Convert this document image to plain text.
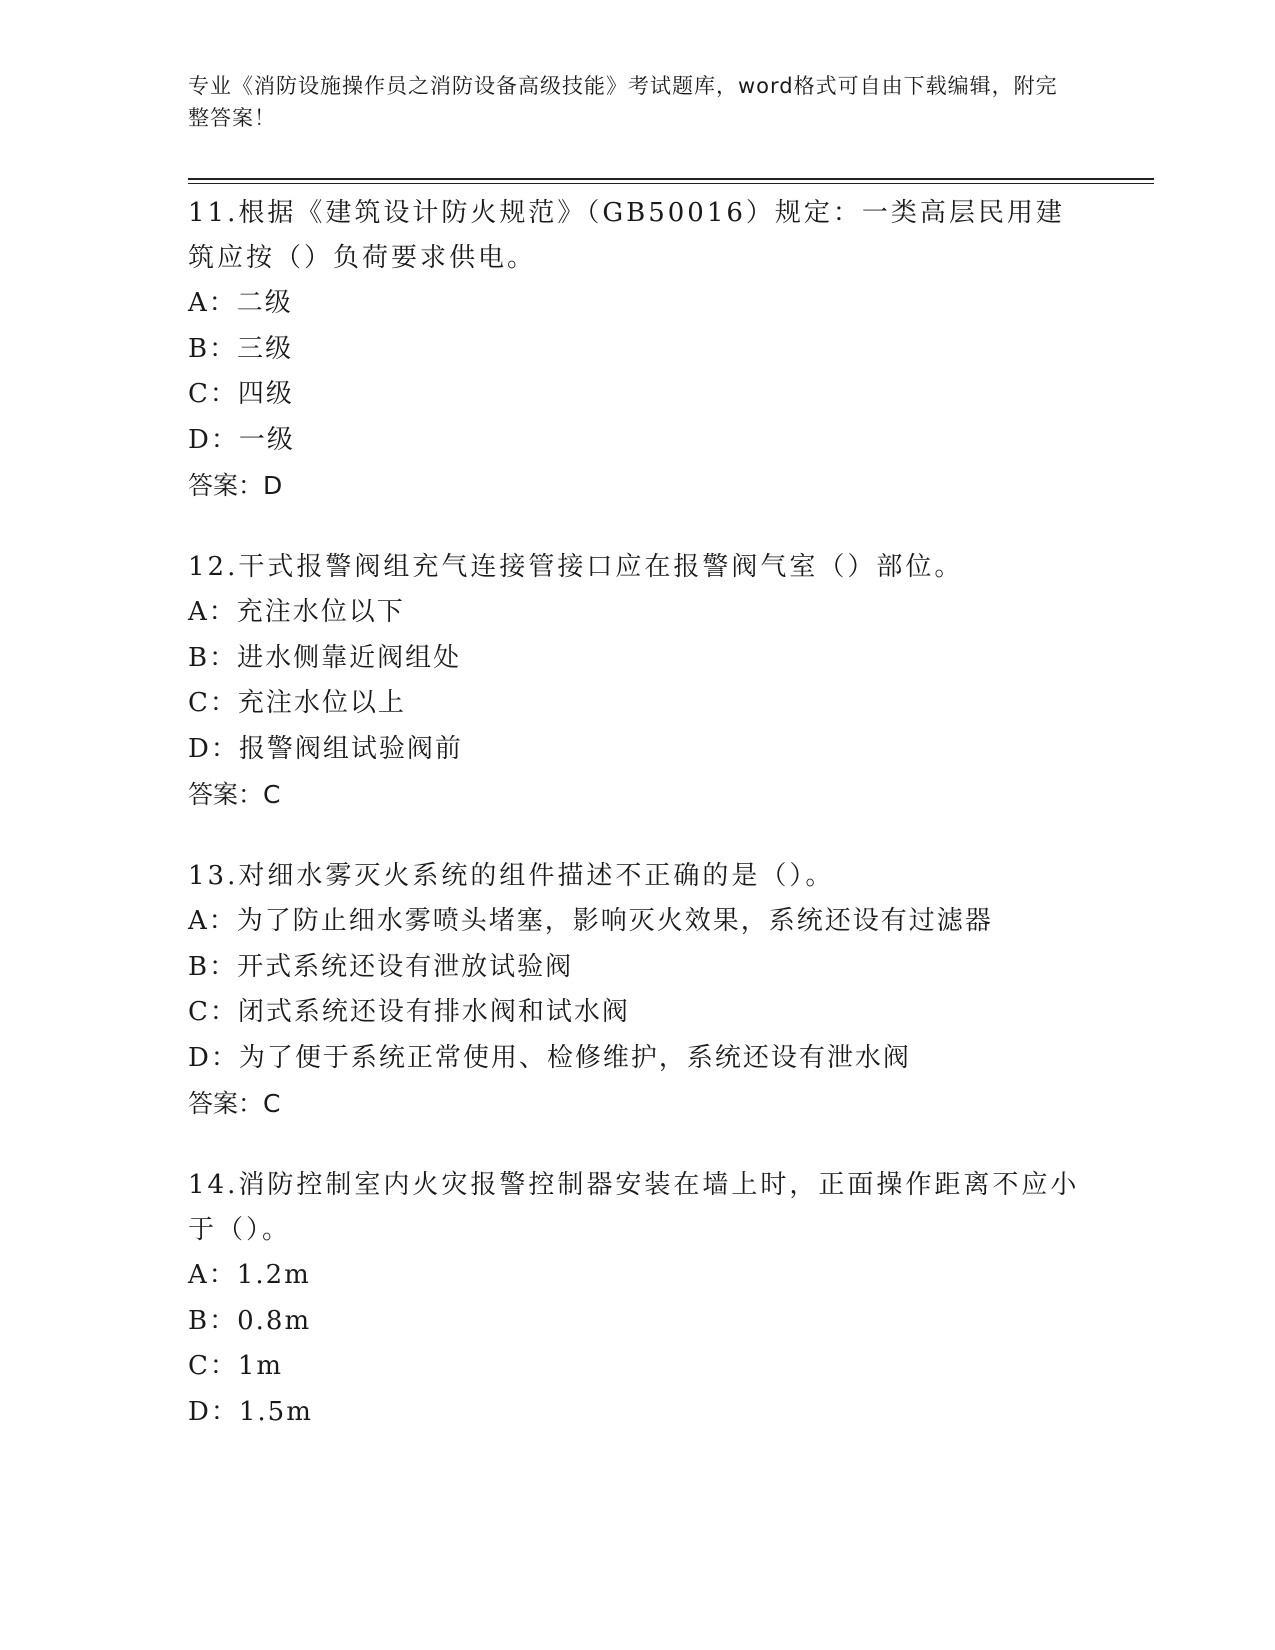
专业《消防设施操作员之消防设备高级技能》考试题库，word格式可自由下载编辑，附完整答案！

11.根据《建筑设计防火规范》（GB50016）规定：一类高层民用建筑应按（）负荷要求供电。

A：二级

B：三级

C：四级

D：一级

答案：D

12.干式报警阀组充气连接管接口应在报警阀气室（）部位。

A：充注水位以下

B：进水侧靠近阀组处

C：充注水位以上

D：报警阀组试验阀前

答案：C

13.对细水雾灭火系统的组件描述不正确的是（）。

A：为了防止细水雾喷头堵塞，影响灭火效果，系统还设有过滤器

B：开式系统还设有泄放试验阀

C：闭式系统还设有排水阀和试水阀

D：为了便于系统正常使用、检修维护，系统还设有泄水阀

答案：C

14.消防控制室内火灾报警控制器安装在墙上时，正面操作距离不应小于（）。

A：1.2m

B：0.8m

C：1m

D：1.5m
